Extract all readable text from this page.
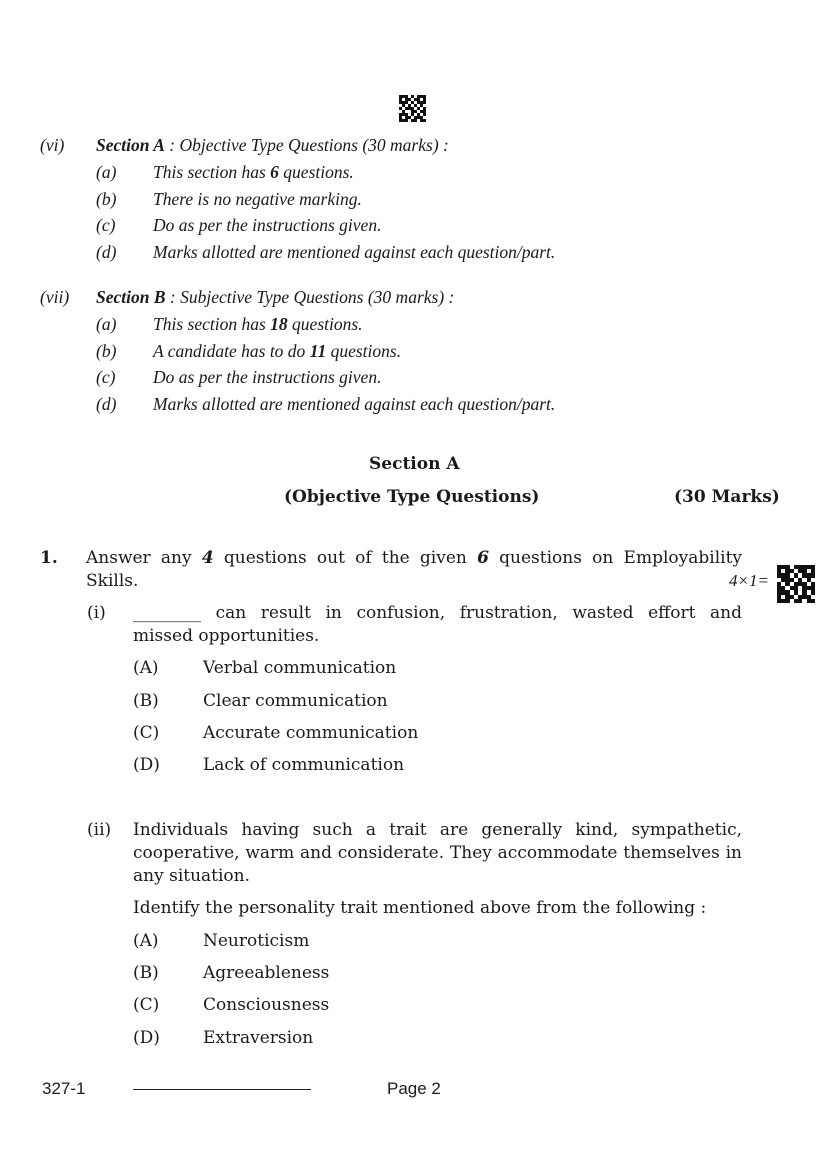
(vi) Section A : Objective Type Questions (30 marks) :
(a) This section has 6 questions.
(b) There is no negative marking.
(c) Do as per the instructions given.
(d) Marks allotted are mentioned against each question/part.
(vii) Section B : Subjective Type Questions (30 marks) :
(a) This section has 18 questions.
(b) A candidate has to do 11 questions.
(c) Do as per the instructions given.
(d) Marks allotted are mentioned against each question/part.
Section A
(Objective Type Questions)	(30 Marks)
1. Answer any 4 questions out of the given 6 questions on Employability
Skills.	4×1=
(i) ________ can result in confusion, frustration, wasted effort and
missed opportunities.
(A)	Verbal communication
(B)	Clear communication
(C)	Accurate communication
(D)	Lack of communication
(ii) Individuals having such a trait are generally kind, sympathetic,
cooperative, warm and considerate. They accommodate themselves in
any situation.
Identify the personality trait mentioned above from the following :
(A)	Neuroticism
(B)	Agreeableness
(C)	Consciousness
(D)	Extraversion
327-1	Page 2
